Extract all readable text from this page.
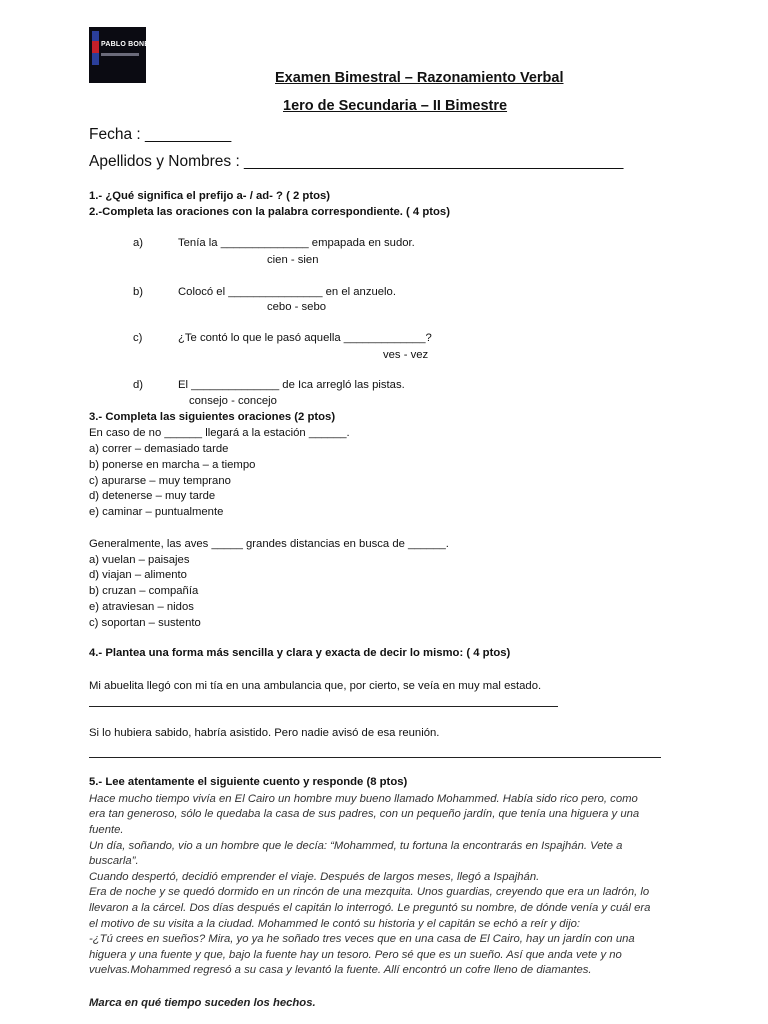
PABLO BONER
Examen Bimestral – Razonamiento Verbal
1ero de Secundaria – II Bimestre
Fecha : __________
Apellidos y Nombres : ____________________________________________
1.- ¿Qué significa el prefijo a- / ad- ? ( 2 ptos)
2.-Completa las oraciones con la palabra correspondiente. ( 4 ptos)
a)	Tenía la ______________ empapada en sudor.
cien - sien
b)	Colocó el _______________ en el anzuelo.
cebo - sebo
c)	¿Te contó lo que le pasó aquella _____________?
ves - vez
d)	El ______________ de Ica arregló las pistas.
consejo - concejo
3.- Completa las siguientes oraciones (2 ptos)
En caso de no ______ llegará a la estación ______.
a) correr – demasiado tarde
b) ponerse en marcha – a tiempo
c) apurarse – muy temprano
d) detenerse – muy tarde
e) caminar – puntualmente
Generalmente, las aves _____ grandes distancias en busca de ______.
a) vuelan – paisajes
d) viajan – alimento
b) cruzan – compañía
e) atraviesan – nidos
c) soportan – sustento
4.- Plantea una forma más sencilla y clara y exacta de decir lo mismo: ( 4 ptos)
Mi abuelita llegó con mi tía en una ambulancia que, por cierto, se veía en muy mal estado.
Si lo hubiera sabido, habría asistido. Pero nadie avisó de esa reunión.
5.- Lee atentamente el siguiente cuento y responde (8 ptos)
Hace mucho tiempo vivía en El Cairo un hombre muy bueno llamado Mohammed. Había sido rico pero, como
era tan generoso, sólo le quedaba la casa de sus padres, con un pequeño jardín, que tenía una higuera y una
fuente.
Un día, soñando, vio a un hombre que le decía: “Mohammed, tu fortuna la encontrarás en Ispajhán. Vete a
buscarla”.
Cuando despertó, decidió emprender el viaje. Después de largos meses, llegó a Ispajhán.
Era de noche y se quedó dormido en un rincón de una mezquita. Unos guardias, creyendo que era un ladrón, lo
llevaron a la cárcel. Dos días después el capitán lo interrogó. Le preguntó su nombre, de dónde venía y cuál era
el motivo de su visita a la ciudad. Mohammed le contó su historia y el capitán se echó a reír y dijo:
-¿Tú crees en sueños? Mira, yo ya he soñado tres veces que en una casa de El Cairo, hay un jardín con una
higuera y una fuente y que, bajo la fuente hay un tesoro. Pero sé que es un sueño. Así que anda vete y no
vuelvas.Mohammed regresó a su casa y levantó la fuente. Allí encontró un cofre lleno de diamantes.
Marca en qué tiempo suceden los hechos.
